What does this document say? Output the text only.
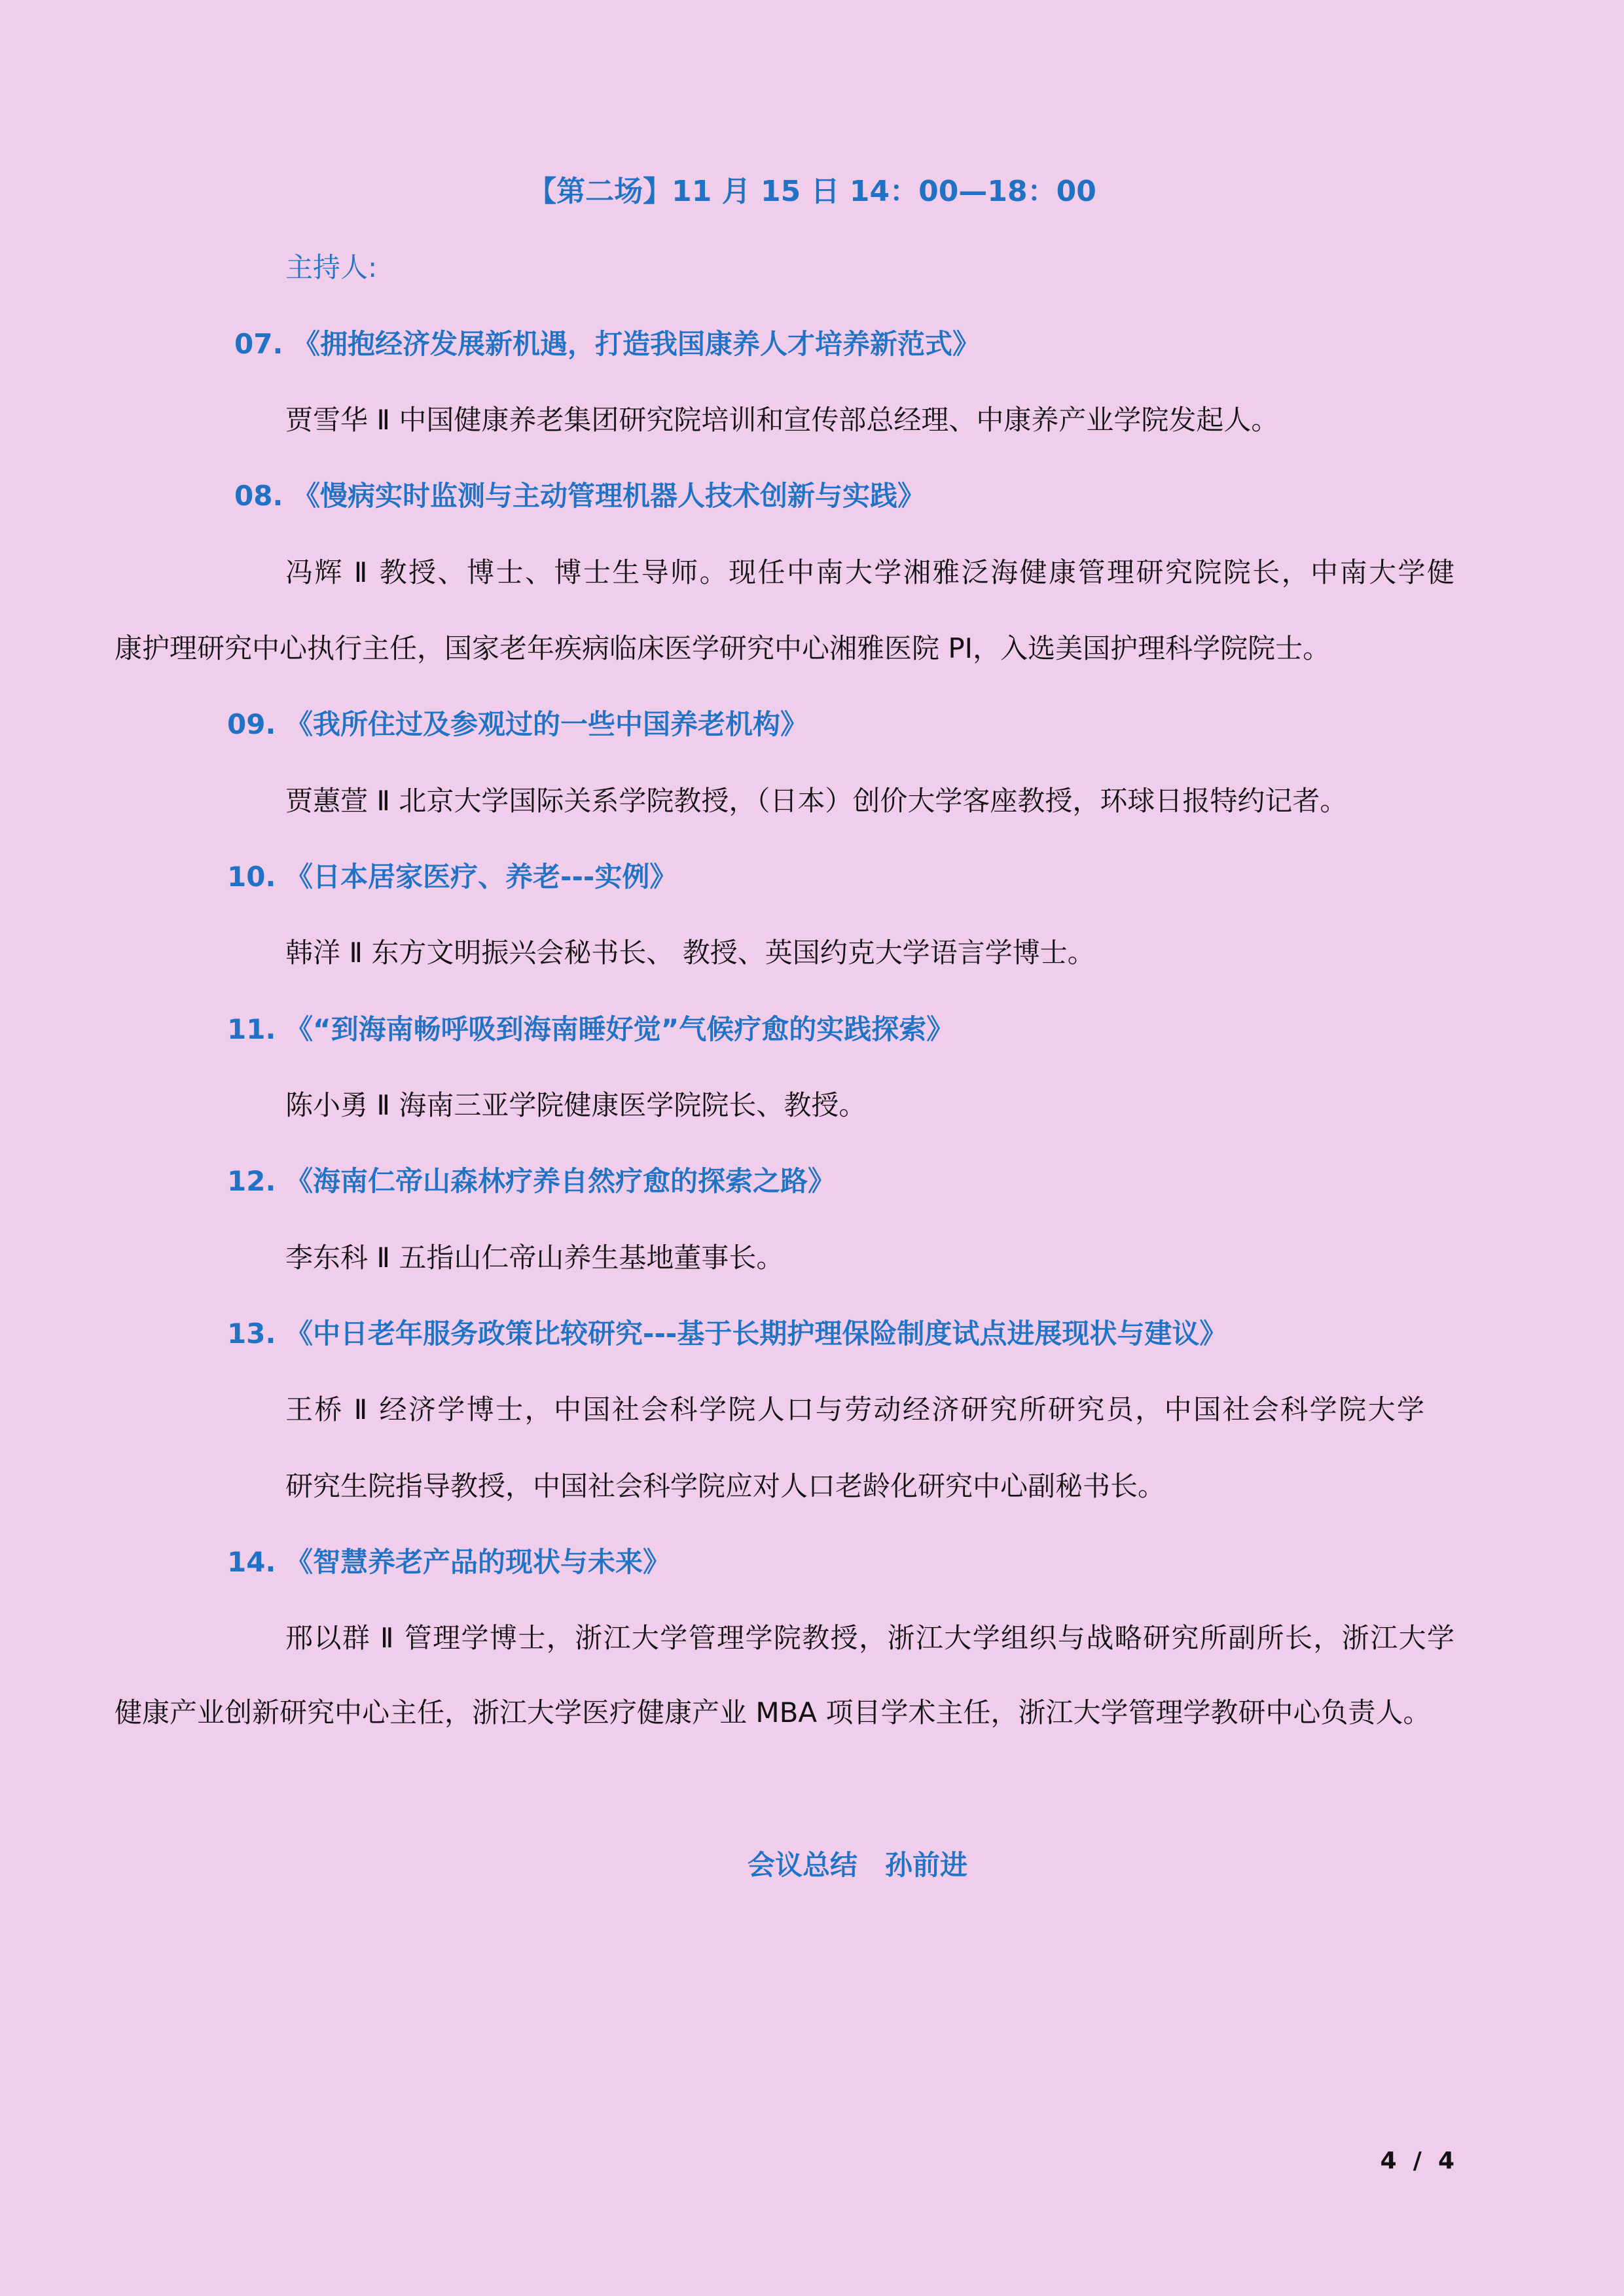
【第二场】11 月 15 日 14：00—18：00
主持人:
07. 《拥抱经济发展新机遇，打造我国康养人才培养新范式》
贾雪华 Ⅱ 中国健康养老集团研究院培训和宣传部总经理、中康养产业学院发起人。
08. 《慢病实时监测与主动管理机器人技术创新与实践》
冯辉 Ⅱ 教授、博士、博士生导师。现任中南大学湘雅泛海健康管理研究院院长，中南大学健
康护理研究中心执行主任，国家老年疾病临床医学研究中心湘雅医院 PI，入选美国护理科学院院士。
09. 《我所住过及参观过的一些中国养老机构》
贾蕙萱 Ⅱ 北京大学国际关系学院教授，（日本）创价大学客座教授，环球日报特约记者。
10. 《日本居家医疗、养老---实例》
韩洋 Ⅱ 东方文明振兴会秘书长、 教授、英国约克大学语言学博士。
11. 《“到海南畅呼吸到海南睡好觉”气候疗愈的实践探索》
陈小勇 Ⅱ 海南三亚学院健康医学院院长、教授。
12. 《海南仁帝山森林疗养自然疗愈的探索之路》
李东科 Ⅱ 五指山仁帝山养生基地董事长。
13. 《中日老年服务政策比较研究---基于长期护理保险制度试点进展现状与建议》
王桥 Ⅱ 经济学博士，中国社会科学院人口与劳动经济研究所研究员，中国社会科学院大学
研究生院指导教授，中国社会科学院应对人口老龄化研究中心副秘书长。
14. 《智慧养老产品的现状与未来》
邢以群 Ⅱ 管理学博士，浙江大学管理学院教授，浙江大学组织与战略研究所副所长，浙江大学
健康产业创新研究中心主任，浙江大学医疗健康产业 MBA 项目学术主任，浙江大学管理学教研中心负责人。
会议总结　孙前进
4  /  4
